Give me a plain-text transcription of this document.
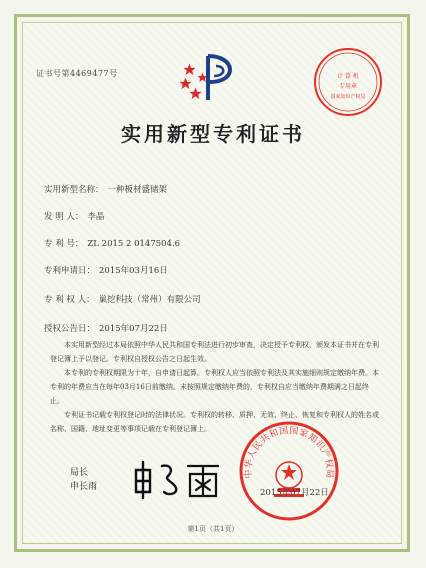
证书号第4469477号	计 算 机
专用章
国家知识产权局
实用新型专利证书
实用新型名称： 一种板材盛储架
发 明 人： 李晶
专 利 号： ZL 2015 2 0147504.6
专利申请日： 2015年03月16日
专 利 权 人： 巢挖科技（常州）有限公司
授权公告日： 2015年07月22日

本实用新型经过本局依照中华人民共和国专利法进行初步审查，决定授予专利权，颁发本证书并在专利登记簿上予以登记。专利权自授权公告之日起生效。

本专利的专利权期限为十年，自申请日起算。专利权人应当依照专利法及其实施细则规定缴纳年费。本专利的年费应当在每年03月16日前缴纳。未按照规定缴纳年费的，专利权自应当缴纳年费期满之日起终止。

专利证书记载专利权登记时的法律状况。专利权的转移、质押、无效、终止、恢复和专利权人的姓名或名称、国籍、地址变更等事项记载在专利登记簿上。

局长
申长雨
中华人民共和国国家知识产权局
2015年07月22日
第1页（共1页）
